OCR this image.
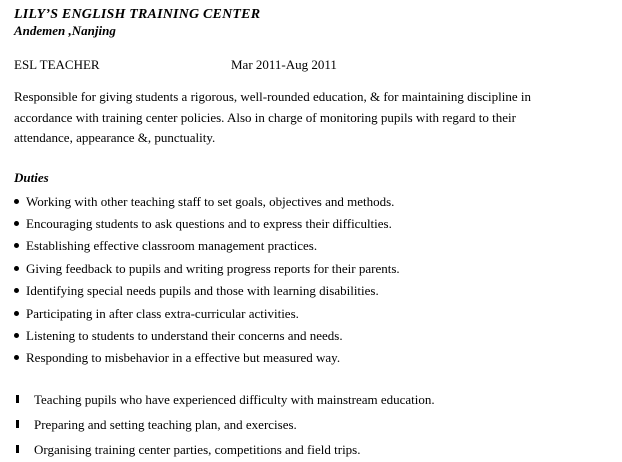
LILY’S ENGLISH TRAINING CENTER
Andemen ,Nanjing
ESL TEACHER	Mar 2011-Aug 2011
Responsible for giving students a rigorous, well-rounded education, & for maintaining discipline in accordance with training center policies. Also in charge of monitoring pupils with regard to their attendance, appearance &, punctuality.
Duties
Working with other teaching staff to set goals, objectives and methods.
Encouraging students to ask questions and to express their difficulties.
Establishing effective classroom management practices.
Giving feedback to pupils and writing progress reports for their parents.
Identifying special needs pupils and those with learning disabilities.
Participating in after class extra-curricular activities.
Listening to students to understand their concerns and needs.
Responding to misbehavior in a effective but measured way.
Teaching pupils who have experienced difficulty with mainstream education.
Preparing and setting teaching plan, and exercises.
Organising training center parties, competitions and field trips.
